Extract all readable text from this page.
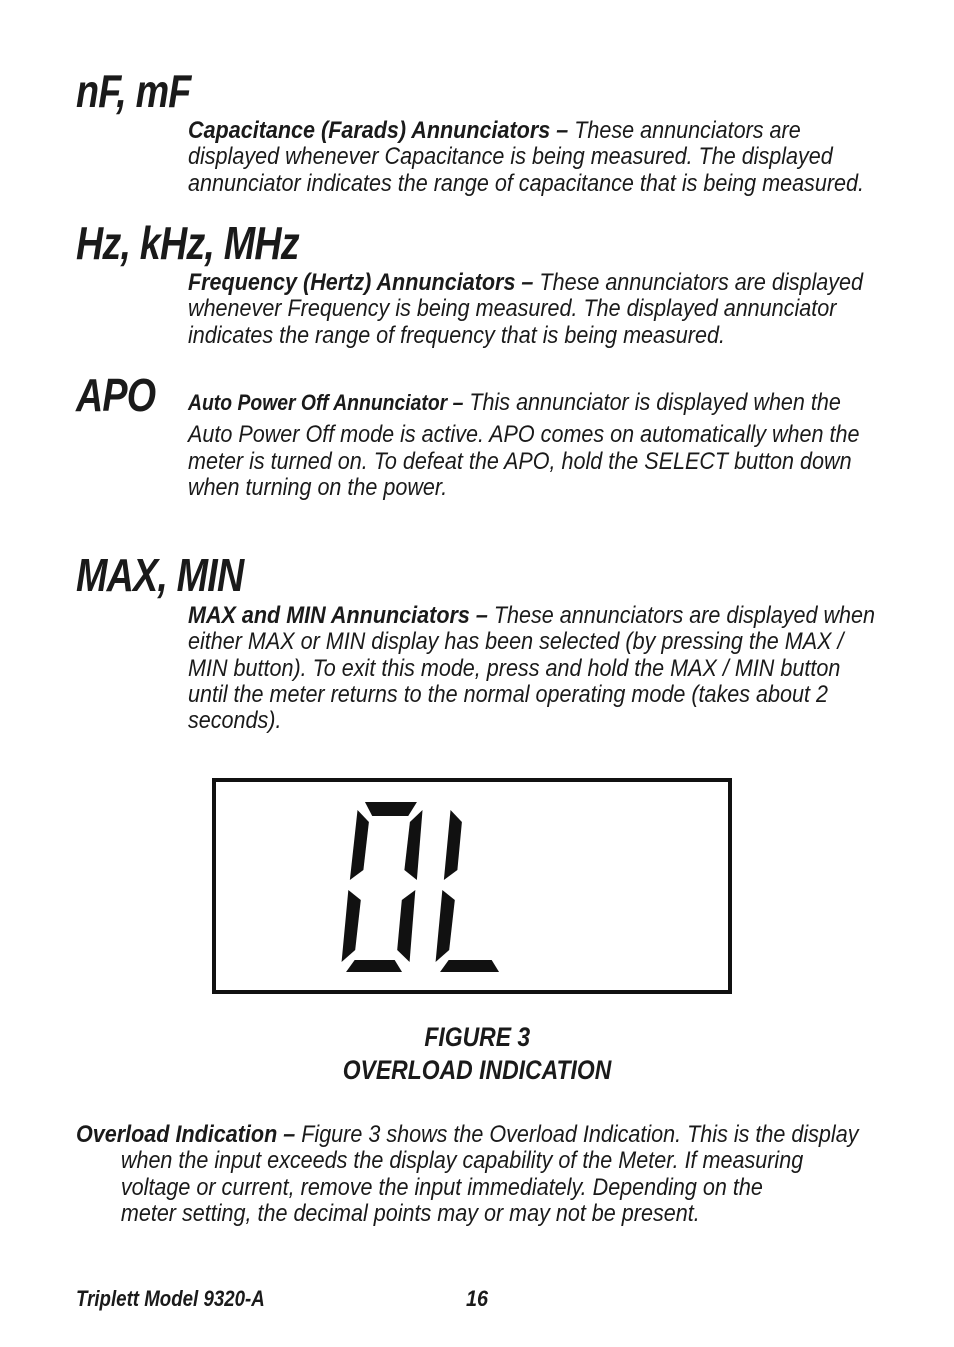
nF, mF

Capacitance (Farads) Annunciators – These annunciators are
displayed whenever Capacitance is being measured. The displayed
annunciator indicates the range of capacitance that is being measured.

Hz, kHz, MHz

Frequency (Hertz) Annunciators – These annunciators are displayed
whenever Frequency is being measured. The displayed annunciator
indicates the range of frequency that is being measured.

APO Auto Power Off Annunciator – This annunciator is displayed when the
Auto Power Off mode is active. APO comes on automatically when the
meter is turned on. To defeat the APO, hold the SELECT button down
when turning on the power.

MAX, MIN

MAX and MIN Annunciators – These annunciators are displayed when
either MAX or MIN display has been selected (by pressing the MAX /
MIN button). To exit this mode, press and hold the MAX / MIN button
until the meter returns to the normal operating mode (takes about 2
seconds).

FIGURE 3

OVERLOAD INDICATION

Overload Indication – Figure 3 shows the Overload Indication. This is the display
when the input exceeds the display capability of the Meter. If measuring
voltage or current, remove the input immediately. Depending on the
meter setting, the decimal points may or may not be present.

Triplett Model 9320-A	16
